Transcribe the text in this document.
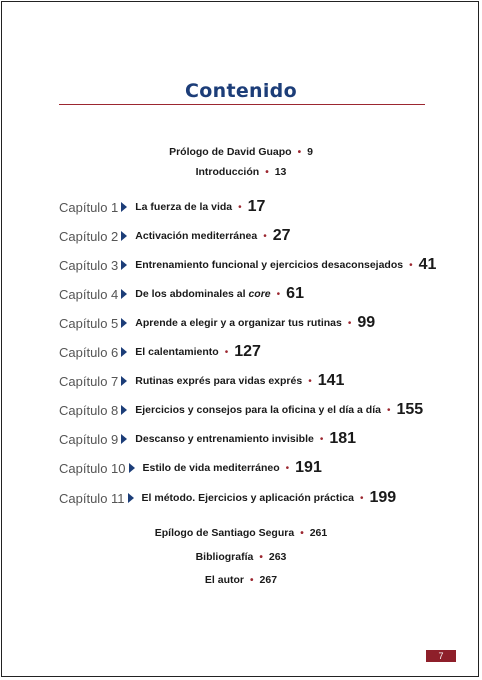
Contenido
Prólogo de David Guapo • 9
Introducción • 13
Capítulo 1 La fuerza de la vida • 17
Capítulo 2 Activación mediterránea • 27
Capítulo 3 Entrenamiento funcional y ejercicios desaconsejados • 41
Capítulo 4 De los abdominales al core • 61
Capítulo 5 Aprende a elegir y a organizar tus rutinas • 99
Capítulo 6 El calentamiento • 127
Capítulo 7 Rutinas exprés para vidas exprés • 141
Capítulo 8 Ejercicios y consejos para la oficina y el día a día • 155
Capítulo 9 Descanso y entrenamiento invisible • 181
Capítulo 10 Estilo de vida mediterráneo • 191
Capítulo 11 El método. Ejercicios y aplicación práctica • 199
Epílogo de Santiago Segura • 261
Bibliografía • 263
El autor • 267
7
